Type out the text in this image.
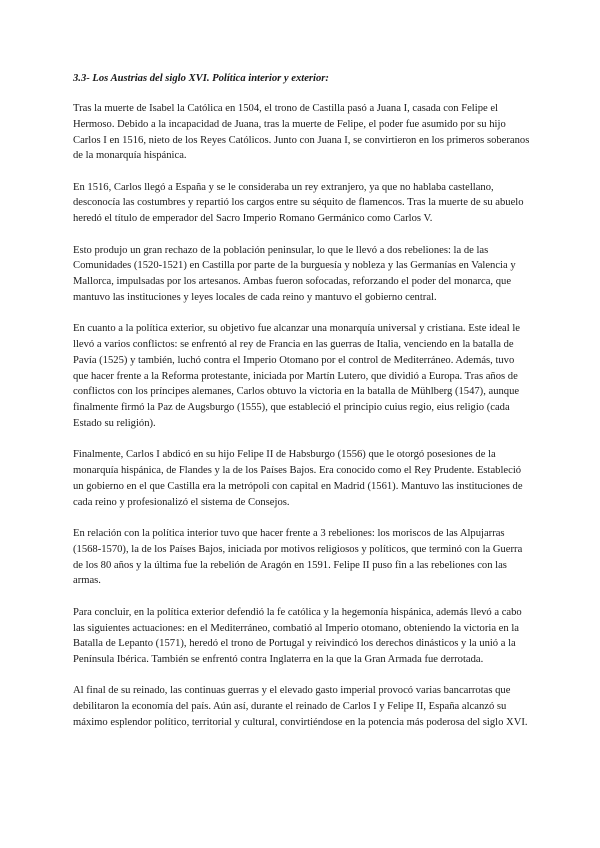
3.3- Los Austrias del siglo XVI. Política interior y exterior:
Tras la muerte de Isabel la Católica en 1504, el trono de Castilla pasó a Juana I, casada con Felipe el Hermoso. Debido a la incapacidad de Juana, tras la muerte de Felipe, el poder fue asumido por su hijo Carlos I en 1516, nieto de los Reyes Católicos. Junto con Juana I, se convirtieron en los primeros soberanos de la monarquía hispánica.
En 1516, Carlos llegó a España y se le consideraba un rey extranjero, ya que no hablaba castellano, desconocía las costumbres y repartió los cargos entre su séquito de flamencos. Tras la muerte de su abuelo heredó el título de emperador del Sacro Imperio Romano Germánico como Carlos V.
Esto produjo un gran rechazo de la población peninsular, lo que le llevó a dos rebeliones: la de las Comunidades (1520-1521) en Castilla por parte de la burguesía y nobleza y las Germanías en Valencia y Mallorca, impulsadas por los artesanos. Ambas fueron sofocadas, reforzando el poder del monarca, que mantuvo las instituciones y leyes locales de cada reino y mantuvo el gobierno central.
En cuanto a la política exterior, su objetivo fue alcanzar una monarquía universal y cristiana. Este ideal le llevó a varios conflictos: se enfrentó al rey de Francia en las guerras de Italia, venciendo en la batalla de Pavía (1525) y también, luchó contra el Imperio Otomano por el control de Mediterráneo. Además, tuvo que hacer frente a la Reforma protestante, iniciada por Martín Lutero, que dividió a Europa. Tras años de conflictos con los príncipes alemanes, Carlos obtuvo la victoria en la batalla de Mühlberg (1547), aunque finalmente firmó la Paz de Augsburgo (1555), que estableció el principio cuius regio, eius religio (cada Estado su religión).
Finalmente, Carlos I abdicó en su hijo Felipe II de Habsburgo (1556) que le otorgó posesiones de la monarquía hispánica, de Flandes y la de los Países Bajos. Era conocido como el Rey Prudente. Estableció un gobierno en el que Castilla era la metrópoli con capital en Madrid (1561). Mantuvo las instituciones de cada reino y profesionalizó el sistema de Consejos.
En relación con la política interior tuvo que hacer frente a 3 rebeliones: los moriscos de las Alpujarras (1568-1570), la de los Países Bajos, iniciada por motivos religiosos y políticos, que terminó con la Guerra de los 80 años y la última fue la rebelión de Aragón en 1591. Felipe II puso fin a las rebeliones con las armas.
Para concluir, en la política exterior defendió la fe católica y la hegemonía hispánica, además llevó a cabo las siguientes actuaciones: en el Mediterráneo, combatió al Imperio otomano, obteniendo la victoria en la Batalla de Lepanto (1571), heredó el trono de Portugal y reivindicó los derechos dinásticos y la unió a la Península Ibérica. También se enfrentó contra Inglaterra en la que la Gran Armada fue derrotada.
Al final de su reinado, las continuas guerras y el elevado gasto imperial provocó varias bancarrotas que debilitaron la economía del país. Aún así, durante el reinado de Carlos I y Felipe II, España alcanzó su máximo esplendor político, territorial y cultural, convirtiéndose en la potencia más poderosa del siglo XVI.
